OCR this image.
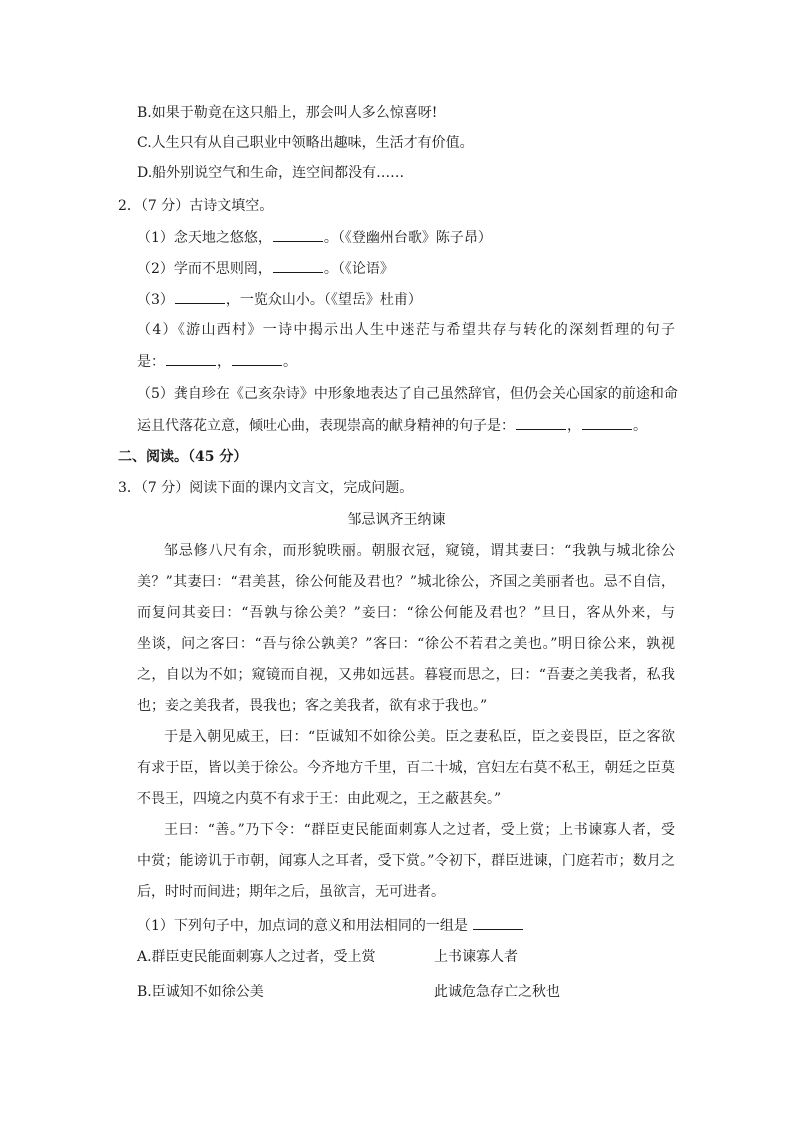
B.如果于勒竟在这只船上，那会叫人多么惊喜呀!
C.人生只有从自己职业中领略出趣味，生活才有价值。
D.船外别说空气和生命，连空间都没有……
2．（7 分）古诗文填空。
（1）念天地之悠悠，	。（《登幽州台歌》陈子昂）
（2）学而不思则罔，	。（《论语》
（3）	，一览众山小。（《望岳》杜甫）
（4）《游山西村》一诗中揭示出人生中迷茫与希望共存与转化的深刻哲理的句子
是：	，	。
（5）龚自珍在《己亥杂诗》中形象地表达了自己虽然辞官，但仍会关心国家的前途和命
运且代落花立意，倾吐心曲，表现崇高的献身精神的句子是：	，	。
二、阅读。（45 分）
3．（7 分）阅读下面的课内文言文，完成问题。
邹忌讽齐王纳谏
邹忌修八尺有余，而形貌昳丽。朝服衣冠，窥镜，谓其妻曰：“我孰与城北徐公
美？”其妻曰：“君美甚，徐公何能及君也？”城北徐公，齐国之美丽者也。忌不自信，
而复问其妾曰：“吾孰与徐公美？”妾曰：“徐公何能及君也？”旦日，客从外来，与
坐谈，问之客曰：“吾与徐公孰美？”客曰：“徐公不若君之美也。”明日徐公来，孰视
之，自以为不如；窥镜而自视，又弗如远甚。暮寝而思之，曰：“吾妻之美我者，私我
也；妾之美我者，畏我也；客之美我者，欲有求于我也。”
于是入朝见威王，曰：“臣诚知不如徐公美。臣之妻私臣，臣之妾畏臣，臣之客欲
有求于臣，皆以美于徐公。今齐地方千里，百二十城，宫妇左右莫不私王，朝廷之臣莫
不畏王，四境之内莫不有求于王：由此观之，王之蔽甚矣。”
王曰：“善。”乃下令：“群臣吏民能面刺寡人之过者，受上赏；上书谏寡人者，受
中赏；能谤讥于市朝，闻寡人之耳者，受下赏。”令初下，群臣进谏，门庭若市；数月之
后，时时而间进；期年之后，虽欲言，无可进者。
（1）下列句子中，加点词的意义和用法相同的一组是
A.群臣吏民能面刺寡人之过者，受上赏	上书谏寡人者
B.臣诚知不如徐公美	此诚危急存亡之秋也
